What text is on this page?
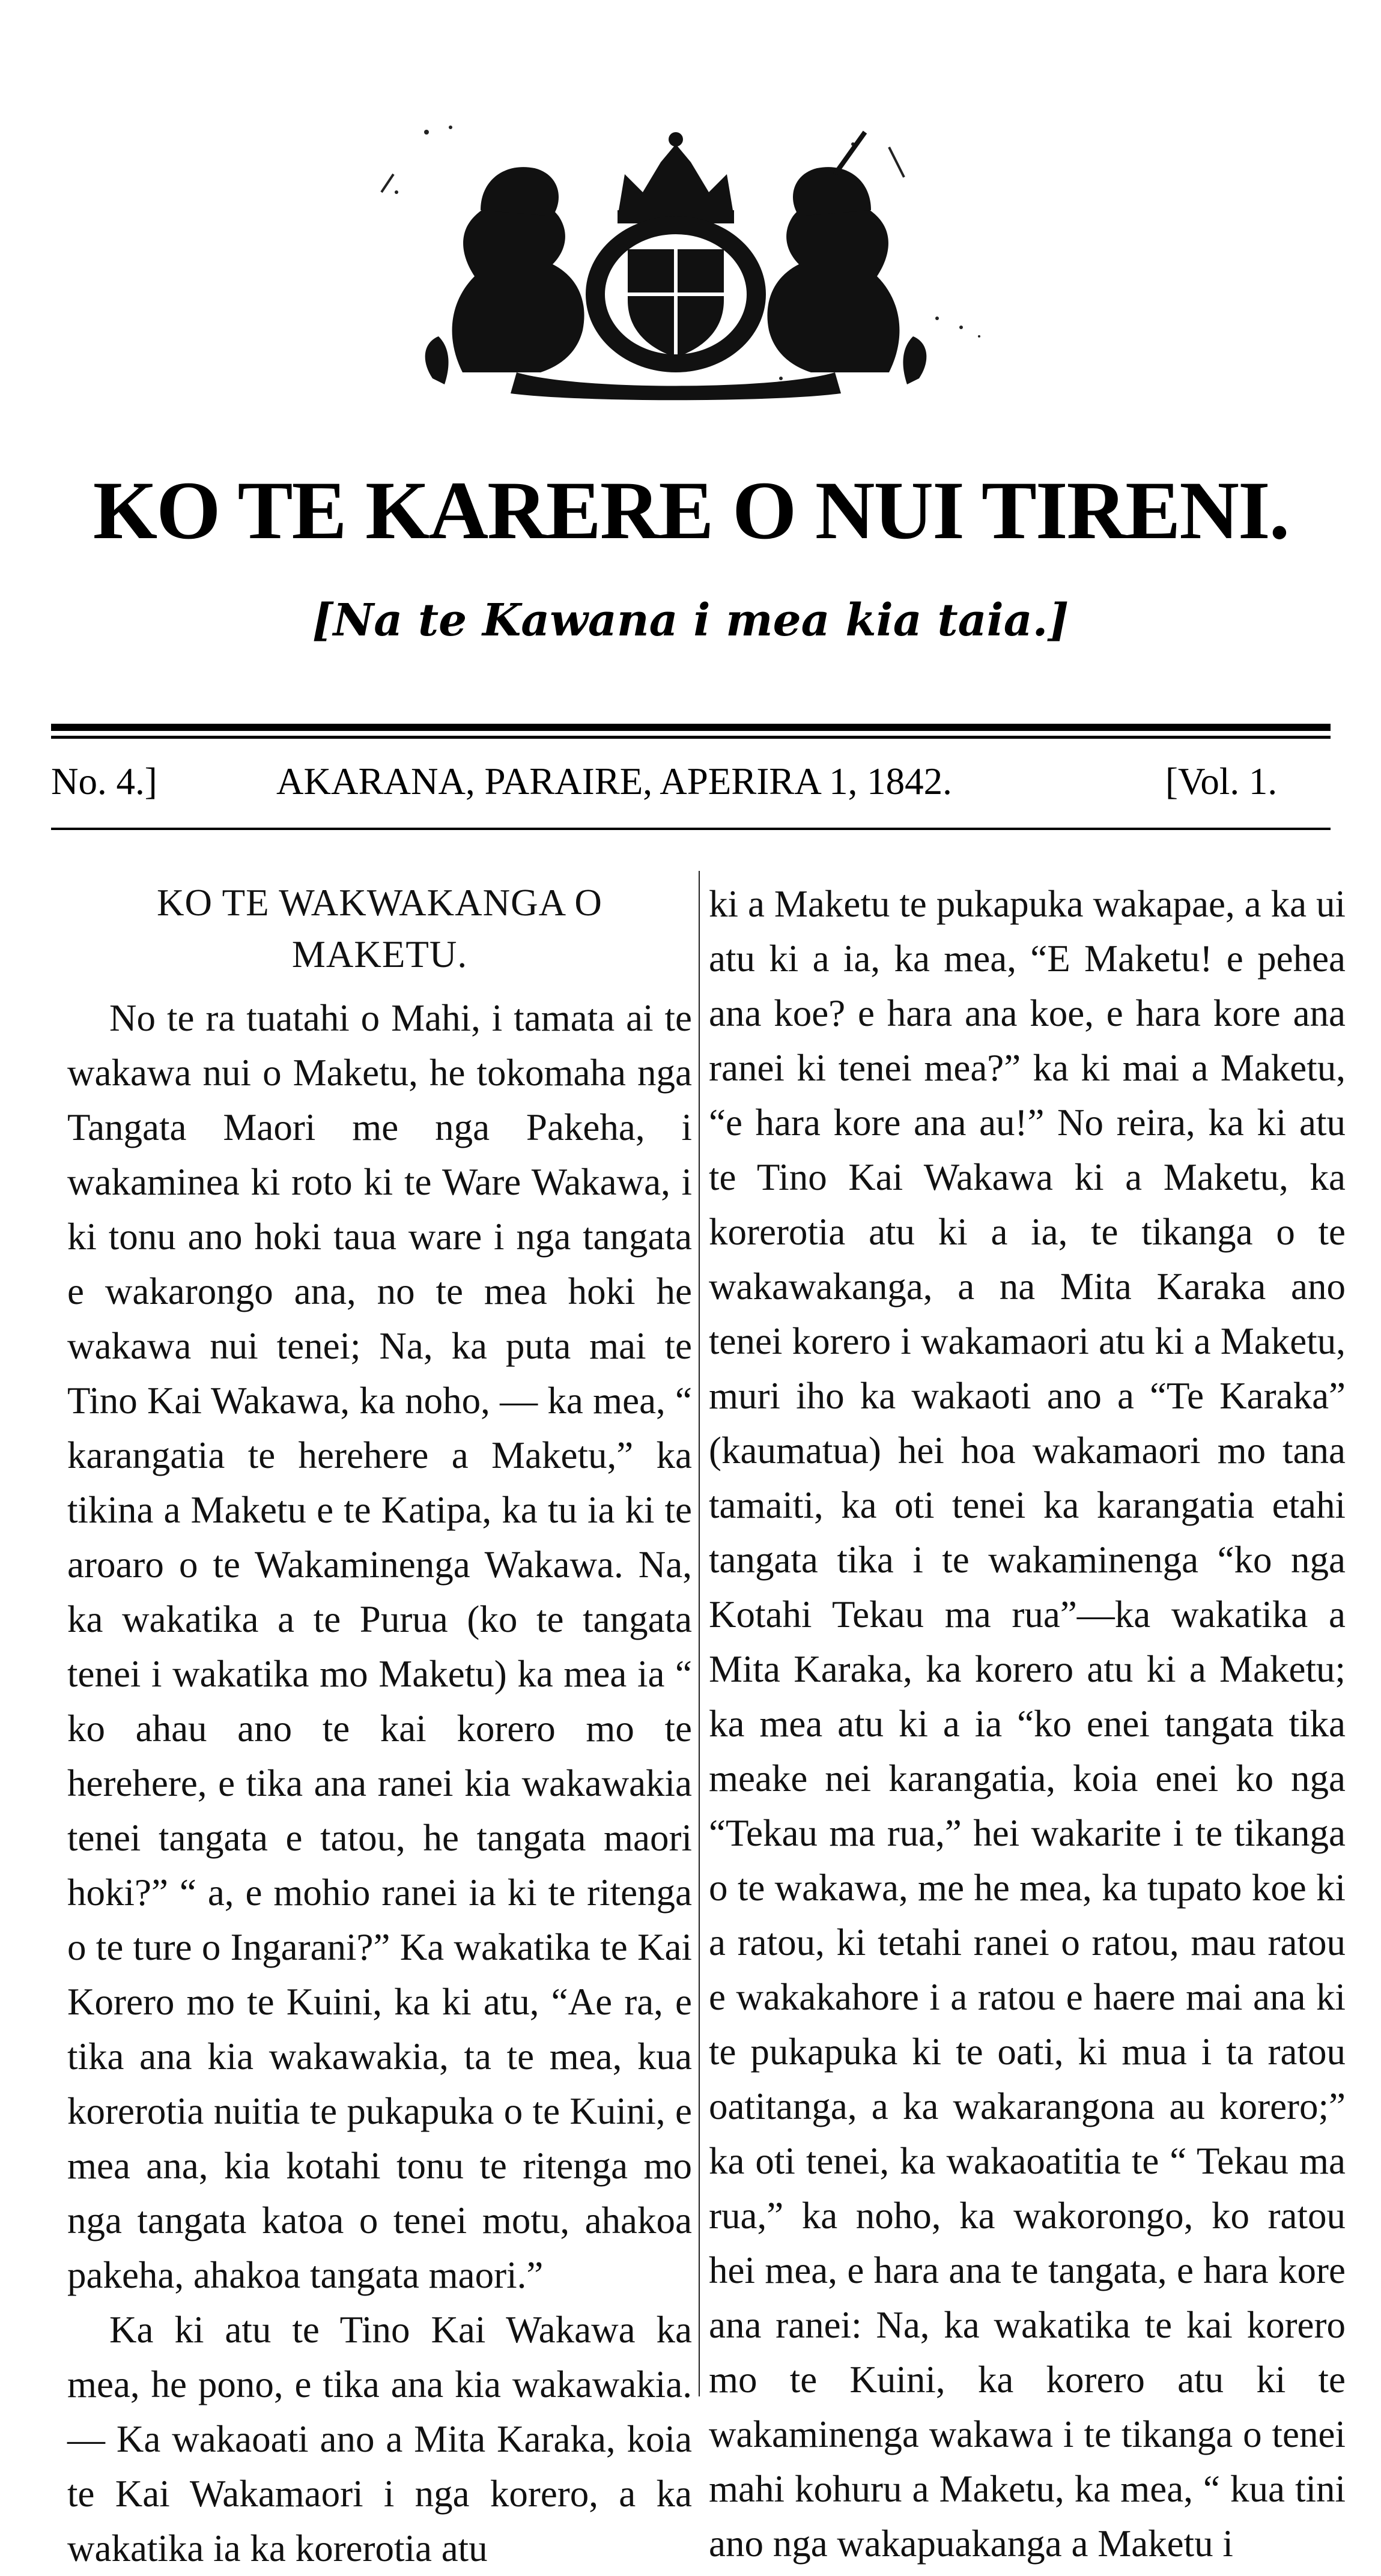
KO TE KARERE O NUI TIRENI.
[Na te Kawana i mea kia taia.]
No. 4.]	AKARANA, PARAIRE, APERIRA 1, 1842.	[Vol. 1.
KO TE WAKWAKANGA O MAKETU.

No te ra tuatahi o Mahi, i tamata ai te wakawa nui o Maketu, he tokomaha nga Tangata Maori me nga Pakeha, i wakaminea ki roto ki te Ware Wakawa, i ki tonu ano hoki taua ware i nga tangata e wakarongo ana, no te mea hoki he wakawa nui tenei; Na, ka puta mai te Tino Kai Wakawa, ka noho, — ka mea, “ karangatia te herehere a Maketu,” ka tikina a Maketu e te Katipa, ka tu ia ki te aroaro o te Wakaminenga Wakawa. Na, ka wakatika a te Purua (ko te tangata tenei i wakatika mo Maketu) ka mea ia “ ko ahau ano te kai korero mo te herehere, e tika ana ranei kia wakawakia tenei tangata e tatou, he tangata maori hoki?” “ a, e mohio ranei ia ki te ritenga o te ture o Ingarani?” Ka wakatika te Kai Korero mo te Kuini, ka ki atu, “Ae ra, e tika ana kia wakawakia, ta te mea, kua korerotia nuitia te pukapuka o te Kuini, e mea ana, kia kotahi tonu te ritenga mo nga tangata katoa o tenei motu, ahakoa pakeha, ahakoa tangata maori.”

Ka ki atu te Tino Kai Wakawa ka mea, he pono, e tika ana kia wakawakia. — Ka wakaoati ano a Mita Karaka, koia te Kai Wakamaori i nga korero, a ka wakatika ia ka korerotia atu

ki a Maketu te pukapuka wakapae, a ka ui atu ki a ia, ka mea, “E Maketu! e pehea ana koe? e hara ana koe, e hara kore ana ranei ki tenei mea?” ka ki mai a Maketu, “e hara kore ana au!” No reira, ka ki atu te Tino Kai Wakawa ki a Maketu, ka korerotia atu ki a ia, te tikanga o te wakawakanga, a na Mita Karaka ano tenei korero i wakamaori atu ki a Maketu, muri iho ka wakaoti ano a “Te Karaka” (kaumatua) hei hoa wakamaori mo tana tamaiti, ka oti tenei ka karangatia etahi tangata tika i te wakaminenga “ko nga Kotahi Tekau ma rua”—ka wakatika a Mita Karaka, ka korero atu ki a Maketu; ka mea atu ki a ia “ko enei tangata tika meake nei karangatia, koia enei ko nga “Tekau ma rua,” hei wakarite i te tikanga o te wakawa, me he mea, ka tupato koe ki a ratou, ki tetahi ranei o ratou, mau ratou e wakakahore i a ratou e haere mai ana ki te pukapuka ki te oati, ki mua i ta ratou oatitanga, a ka wakarangona au korero;” ka oti tenei, ka wakaoatitia te “ Tekau ma rua,” ka noho, ka wakorongo, ko ratou hei mea, e hara ana te tangata, e hara kore ana ranei: Na, ka wakatika te kai korero mo te Kuini, ka korero atu ki te wakaminenga wakawa i te tikanga o tenei mahi kohuru a Maketu, ka mea, “ kua tini ano nga wakapuakanga a Maketu i
